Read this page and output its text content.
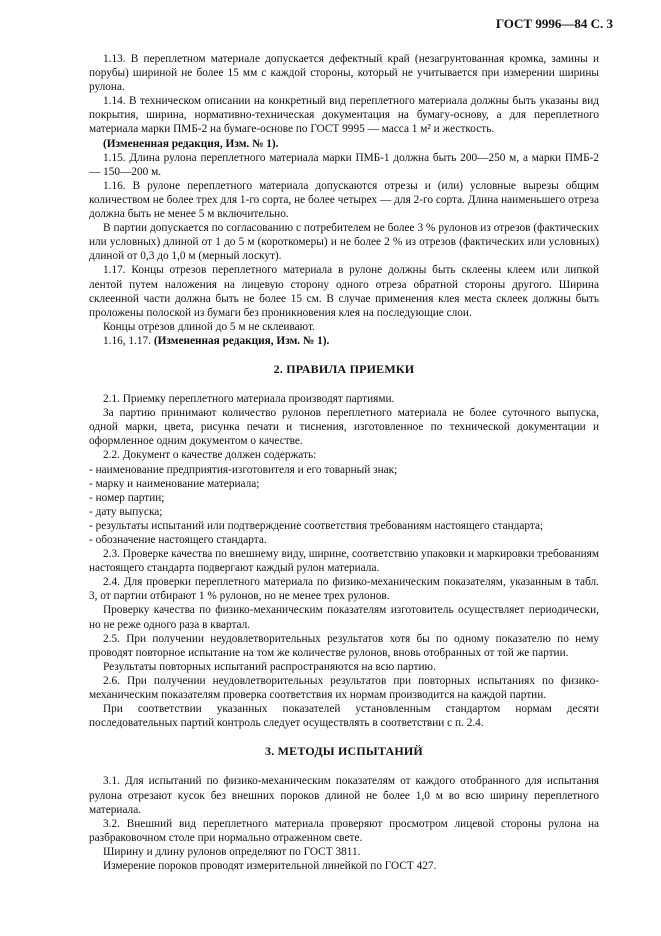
ГОСТ 9996—84 С. 3

1.13. В переплетном материале допускается дефектный край (незагрунтованная кромка, замины и порубы) шириной не более 15 мм с каждой стороны, который не учитывается при измерении ширины рулона.

1.14. В техническом описании на конкретный вид переплетного материала должны быть указаны вид покрытия, ширина, нормативно-техническая документация на бумагу-основу, а для переплетного материала марки ПМБ-2 на бумаге-основе по ГОСТ 9995 — масса 1 м² и жесткость.

(Измененная редакция, Изм. № 1).

1.15. Длина рулона переплетного материала марки ПМБ-1 должна быть 200—250 м, а марки ПМБ-2 — 150—200 м.

1.16. В рулоне переплетного материала допускаются отрезы и (или) условные вырезы общим количеством не более трех для 1-го сорта, не более четырех — для 2-го сорта. Длина наименьшего отреза должна быть не менее 5 м включительно.

В партии допускается по согласованию с потребителем не более 3 % рулонов из отрезов (фактических или условных) длиной от 1 до 5 м (короткомеры) и не более 2 % из отрезов (фактических или условных) длиной от 0,3 до 1,0 м (мерный лоскут).

1.17. Концы отрезов переплетного материала в рулоне должны быть склеены клеем или липкой лентой путем наложения на лицевую сторону одного отреза обратной стороны другого. Ширина склеенной части должна быть не более 15 см. В случае применения клея места склеек должны быть проложены полоской из бумаги без проникновения клея на последующие слои.

Концы отрезов длиной до 5 м не склеивают.

1.16, 1.17. (Измененная редакция, Изм. № 1).

2. ПРАВИЛА ПРИЕМКИ

2.1. Приемку переплетного материала производят партиями.

За партию принимают количество рулонов переплетного материала не более суточного выпуска, одной марки, цвета, рисунка печати и тиснения, изготовленное по технической документации и оформленное одним документом о качестве.

2.2. Документ о качестве должен содержать:

- наименование предприятия-изготовителя и его товарный знак;

- марку и наименование материала;

- номер партии;

- дату выпуска;

- результаты испытаний или подтверждение соответствия требованиям настоящего стандарта;

- обозначение настоящего стандарта.

2.3. Проверке качества по внешнему виду, ширине, соответствию упаковки и маркировки требованиям настоящего стандарта подвергают каждый рулон материала.

2.4. Для проверки переплетного материала по физико-механическим показателям, указанным в табл. 3, от партии отбирают 1 % рулонов, но не менее трех рулонов.

Проверку качества по физико-механическим показателям изготовитель осуществляет периодически, но не реже одного раза в квартал.

2.5. При получении неудовлетворительных результатов хотя бы по одному показателю по нему проводят повторное испытание на том же количестве рулонов, вновь отобранных от той же партии.

Результаты повторных испытаний распространяются на всю партию.

2.6. При получении неудовлетворительных результатов при повторных испытаниях по физико-механическим показателям проверка соответствия их нормам производится на каждой партии.

При соответствии указанных показателей установленным стандартом нормам десяти последовательных партий контроль следует осуществлять в соответствии с п. 2.4.

3. МЕТОДЫ ИСПЫТАНИЙ

3.1. Для испытаний по физико-механическим показателям от каждого отобранного для испытания рулона отрезают кусок без внешних пороков длиной не более 1,0 м во всю ширину переплетного материала.

3.2. Внешний вид переплетного материала проверяют просмотром лицевой стороны рулона на разбраковочном столе при нормально отраженном свете.

Ширину и длину рулонов определяют по ГОСТ 3811.

Измерение пороков проводят измерительной линейкой по ГОСТ 427.
